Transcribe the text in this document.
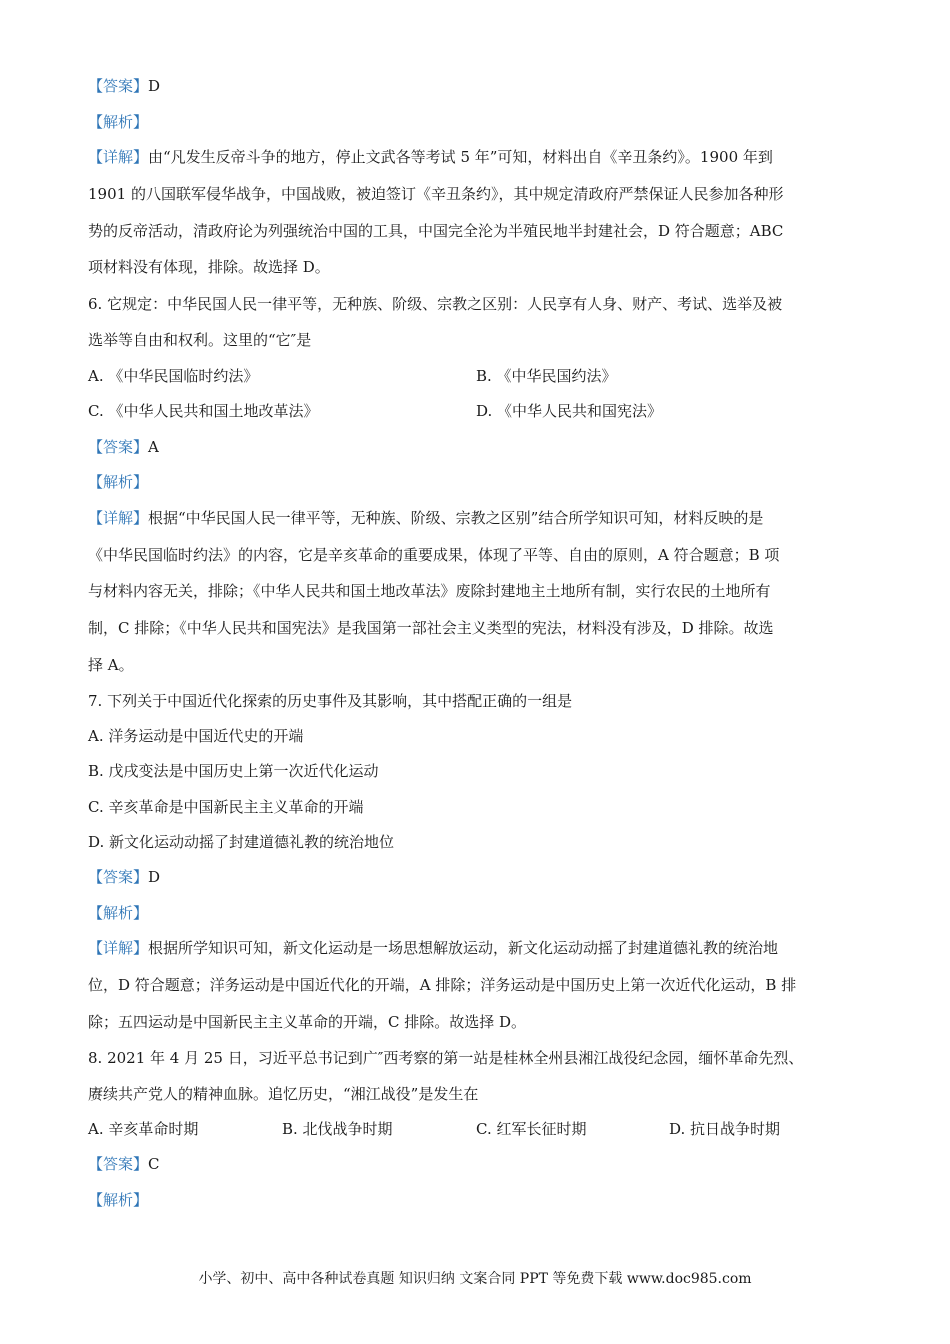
【答案】D
【解析】
【详解】由“凡发生反帝斗争的地方，停止文武各等考试 5 年”可知，材料出自《辛丑条约》。1900 年到
1901 的八国联军侵华战争，中国战败，被迫签订《辛丑条约》，其中规定清政府严禁保证人民参加各种形
势的反帝活动，清政府论为列强统治中国的工具，中国完全沦为半殖民地半封建社会，D 符合题意；ABC
项材料没有体现，排除。故选择 D。
6. 它规定：中华民国人民一律平等，无种族、阶级、宗教之区别：人民享有人身、财产、考试、选举及被
选举等自由和权利。这里的“它″是
A. 《中华民国临时约法》	B. 《中华民国约法》
C. 《中华人民共和国土地改革法》	D. 《中华人民共和国宪法》
【答案】A
【解析】
【详解】根据“中华民国人民一律平等，无种族、阶级、宗教之区别”结合所学知识可知，材料反映的是
《中华民国临时约法》的内容，它是辛亥革命的重要成果，体现了平等、自由的原则，A 符合题意；B 项
与材料内容无关，排除；《中华人民共和国土地改革法》废除封建地主土地所有制，实行农民的土地所有
制，C 排除；《中华人民共和国宪法》是我国第一部社会主义类型的宪法，材料没有涉及，D 排除。故选
择 A。
7. 下列关于中国近代化探索的历史事件及其影响，其中搭配正确的一组是
A. 洋务运动是中国近代史的开端
B. 戊戌变法是中国历史上第一次近代化运动
C. 辛亥革命是中国新民主主义革命的开端
D. 新文化运动动摇了封建道德礼教的统治地位
【答案】D
【解析】
【详解】根据所学知识可知，新文化运动是一场思想解放运动，新文化运动动摇了封建道德礼教的统治地
位，D 符合题意；洋务运动是中国近代化的开端，A 排除；洋务运动是中国历史上第一次近代化运动，B 排
除；五四运动是中国新民主主义革命的开端，C 排除。故选择 D。
8. 2021 年 4 月 25 日，习近平总书记到广″西考察的第一站是桂林全州县湘江战役纪念园，缅怀革命先烈、
赓续共产党人的精神血脉。追忆历史，“湘江战役”是发生在
A. 辛亥革命时期	B. 北伐战争时期	C. 红军长征时期	D. 抗日战争时期
【答案】C
【解析】
小学、初中、高中各种试卷真题 知识归纳 文案合同 PPT 等免费下载 www.doc985.com
